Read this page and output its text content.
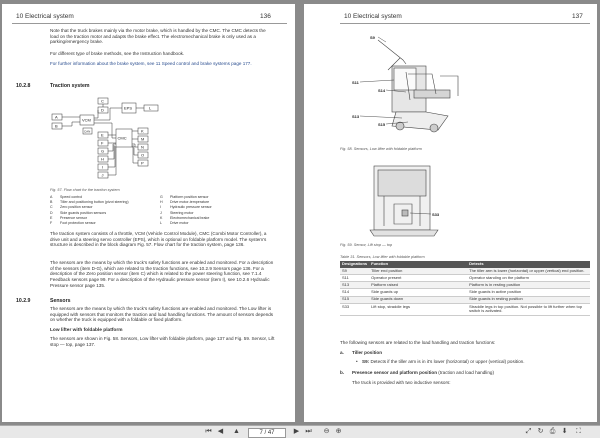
10 Electrical system	136
Note that the truck brakes mainly via the motor brake, which is handled by the CMC. The CMC detects the load on the traction motor and adapts the brake effect. The electromechanical brake is only used as a parking/emergency brake.
For different type of brake methods, see the Instruction handbook.
For further information about the brake system, see 11 Speed control and brake systems page 177.
10.2.8	Traction system
A
B
VCM
CAN
C
D	EPS	L
CMC
E
F
G
H
I
J
K
M
N
O
P
Fig. 57. Flow chart for the traction system
A Speed control
B Tiller and positioning button (pivot steering)
C Zero position sensor
D Side guards position sensors
E Presence sensor
F Foot protection sensor
G Platform position sensor
H Drive motor-temperature
I	Hydraulic pressure sensor
J Steering motor
K Electromechanical brake
L Drive motor
The traction system consists of a throttle, VCM (Vehicle Control Module), CMC (Combi Motor Controller), a drive unit and a steering servo controller (EPS), which is optional on foldable platform model. The system's structure is described in the block diagram Fig. 57. Flow chart for the traction system, page 136.
The sensors are the means by which the truck's safety functions are enabled and monitored. For a description of the sensors (item D-G), which are related to the traction functions, see 10.2.9 Sensors page 136. For a description of the Zero position sensor (item C) which is related to the power steering function, see 7.1.4 Feedback sensors page 99. For a description of the Hydraulic pressure sensor (item I), see 10.2.6 Hydraulic Pressure sensor page 135.
10.2.9	Sensors
The sensors are the means by which the truck's safety functions are enabled and monitored. The Low lifter is equipped with sensors that monitors the traction and load handling functions. The amount of sensors depends on whether the truck is equipped with a foldable or fixed platform.
Low lifter with foldable platform
The sensors are shown in Fig. 58. Sensors, Low lifter with foldable platform, page 137 and Fig. 59. Sensor, Lift stop — top, page 137.
10 Electrical system	137
S9
S11
S14
S13
S15
Fig. 58. Sensors, Low lifter with foldable platform
S33
Fig. 59. Sensor, Lift stop — top
Table 31. Sensors, Low lifter with foldable platform
Designations	Function	Detects
S9	Tiller end position	The tiller arm is lower (horizontal) or upper (vertical) end position.
S11	Operator present	Operator standing on the platform
S13	Platform raised	Platform is in resting position
S14	Side guards up	Side guards in active position
S15	Side guards down	Side guards in resting position
S33	Lift stop, straddle legs	Straddle legs in top position. Not possible to lift further when top switch is activated.
The following sensors are related to the load handling and traction functions:
a. Tiller position
• S9: Detects if the tiller arm is in it's lower (horizontal) or upper (vertical) position.
b. Presence sensor and platform position (traction and load handling)
The truck is provided with two inductive sensors:
⏮ ◀ ▲	7 / 47	▶ ⏭ ⊖ ⊕	⤢ ↻ ⎙ ⬇ ⛶
